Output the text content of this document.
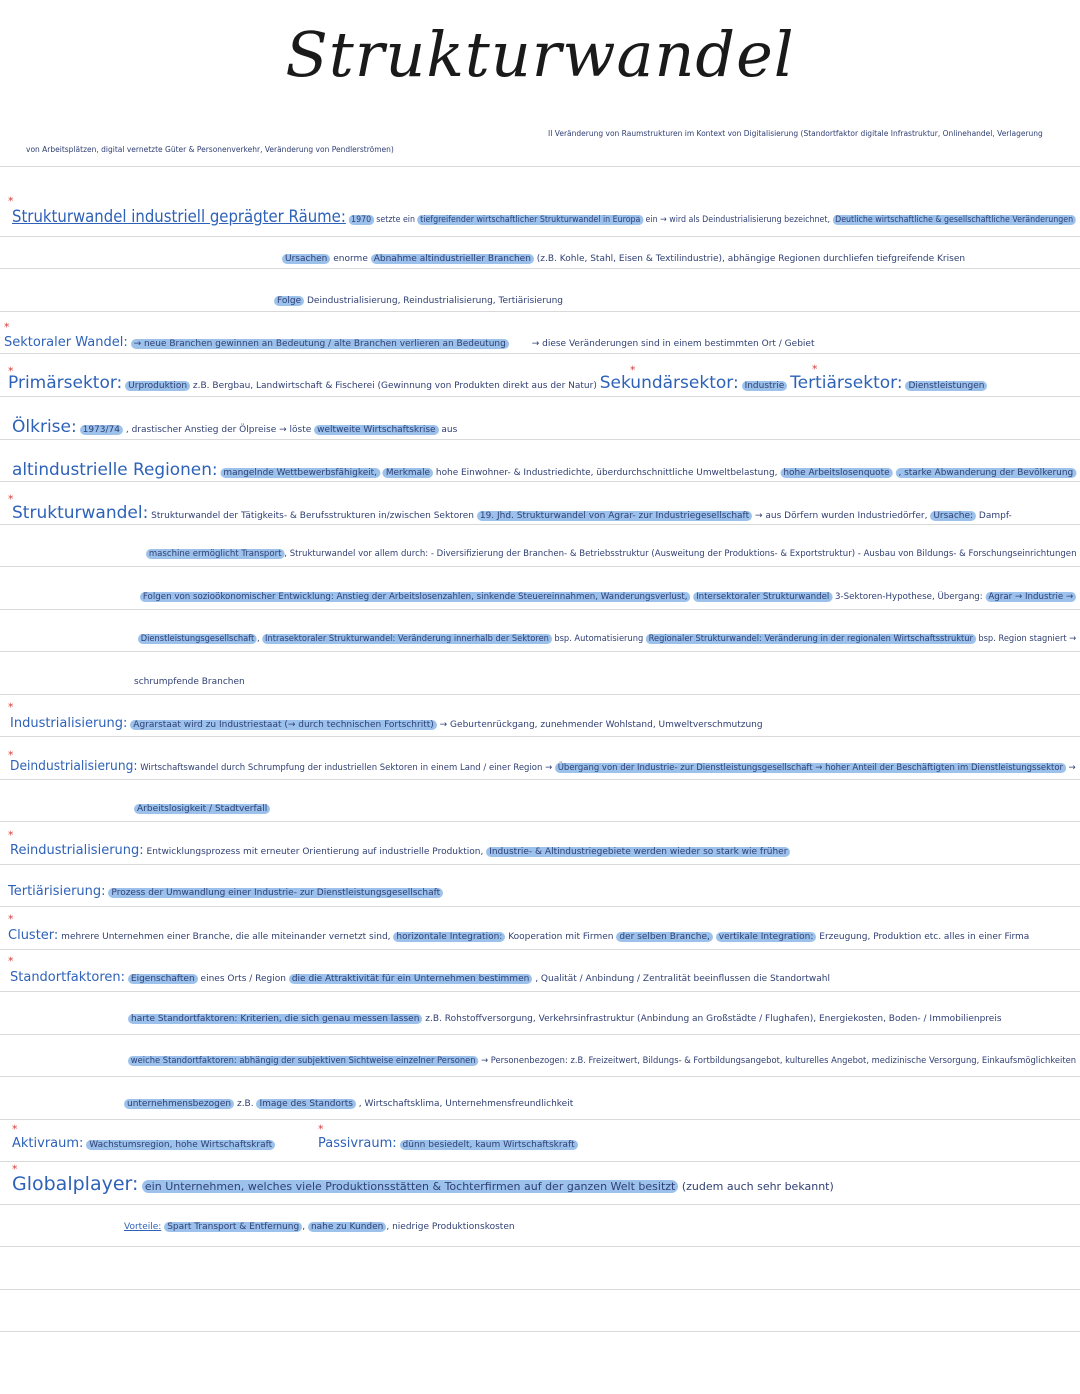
Strukturwandel
II Veränderung von Raumstrukturen im Kontext von Digitalisierung (Standortfaktor digitale Infrastruktur, Onlinehandel, Verlagerung
von Arbeitsplätzen, digital vernetzte Güter & Personenverkehr, Veränderung von Pendlerströmen)
⁎
⁎
⁎	⁎	⁎
⁎
⁎
⁎
⁎
⁎
⁎
⁎	⁎
⁎
Strukturwandel industriell geprägter Räume: 1970 setzte ein tiefgreifender wirtschaftlicher Strukturwandel in Europa ein → wird als Deindustrialisierung bezeichnet, Deutliche wirtschaftliche & gesellschaftliche Veränderungen
Ursachen enorme Abnahme altindustrieller Branchen (z.B. Kohle, Stahl, Eisen & Textilindustrie), abhängige Regionen durchliefen tiefgreifende Krisen
Folge Deindustrialisierung, Reindustrialisierung, Tertiärisierung
Sektoraler Wandel: → neue Branchen gewinnen an Bedeutung / alte Branchen verlieren an Bedeutung	→ diese Veränderungen sind in einem bestimmten Ort / Gebiet
Primärsektor: Urproduktion z.B. Bergbau, Landwirtschaft & Fischerei (Gewinnung von Produkten direkt aus der Natur) Sekundärsektor: Industrie Tertiärsektor: Dienstleistungen
Ölkrise: 1973/74 , drastischer Anstieg der Ölpreise → löste weltweite Wirtschaftskrise aus
altindustrielle Regionen: mangelnde Wettbewerbsfähigkeit, Merkmale hohe Einwohner- & Industriedichte, überdurchschnittliche Umweltbelastung, hohe Arbeitslosenquote , starke Abwanderung der Bevölkerung
Strukturwandel: Strukturwandel der Tätigkeits- & Berufsstrukturen in/zwischen Sektoren 19. Jhd. Strukturwandel von Agrar- zur Industriegesellschaft → aus Dörfern wurden Industriedörfer, Ursache: Dampf-
maschine ermöglicht Transport , Strukturwandel vor allem durch: - Diversifizierung der Branchen- & Betriebsstruktur (Ausweitung der Produktions- & Exportstruktur) - Ausbau von Bildungs- & Forschungseinrichtungen
Folgen von sozioökonomischer Entwicklung: Anstieg der Arbeitslosenzahlen, sinkende Steuereinnahmen, Wanderungsverlust, Intersektoraler Strukturwandel 3-Sektoren-Hypothese, Übergang: Agrar → Industrie →
Dienstleistungsgesellschaft , Intrasektoraler Strukturwandel: Veränderung innerhalb der Sektoren bsp. Automatisierung Regionaler Strukturwandel: Veränderung in der regionalen Wirtschaftsstruktur bsp. Region stagniert →
schrumpfende Branchen
Industrialisierung: Agrarstaat wird zu Industriestaat (→ durch technischen Fortschritt) → Geburtenrückgang, zunehmender Wohlstand, Umweltverschmutzung
Deindustrialisierung: Wirtschaftswandel durch Schrumpfung der industriellen Sektoren in einem Land / einer Region → Übergang von der Industrie- zur Dienstleistungsgesellschaft → hoher Anteil der Beschäftigten im Dienstleistungssektor →
Arbeitslosigkeit / Stadtverfall
Reindustrialisierung: Entwicklungsprozess mit erneuter Orientierung auf industrielle Produktion, Industrie- & Altindustriegebiete werden wieder so stark wie früher
Tertiärisierung: Prozess der Umwandlung einer Industrie- zur Dienstleistungsgesellschaft
Cluster: mehrere Unternehmen einer Branche, die alle miteinander vernetzt sind, horizontale Integration: Kooperation mit Firmen der selben Branche, vertikale Integration: Erzeugung, Produktion etc. alles in einer Firma
Standortfaktoren: Eigenschaften eines Orts / Region die die Attraktivität für ein Unternehmen bestimmen , Qualität / Anbindung / Zentralität beeinflussen die Standortwahl
harte Standortfaktoren: Kriterien, die sich genau messen lassen z.B. Rohstoffversorgung, Verkehrsinfrastruktur (Anbindung an Großstädte / Flughafen), Energiekosten, Boden- / Immobilienpreis
weiche Standortfaktoren: abhängig der subjektiven Sichtweise einzelner Personen → Personenbezogen: z.B. Freizeitwert, Bildungs- & Fortbildungsangebot, kulturelles Angebot, medizinische Versorgung, Einkaufsmöglichkeiten
unternehmensbezogen z.B. Image des Standorts , Wirtschaftsklima, Unternehmensfreundlichkeit
Aktivraum: Wachstumsregion, hohe Wirtschaftskraft	Passivraum: dünn besiedelt, kaum Wirtschaftskraft
Globalplayer: ein Unternehmen, welches viele Produktionsstätten & Tochterfirmen auf der ganzen Welt besitzt (zudem auch sehr bekannt)
Vorteile: Spart Transport & Entfernung , nahe zu Kunden , niedrige Produktionskosten
